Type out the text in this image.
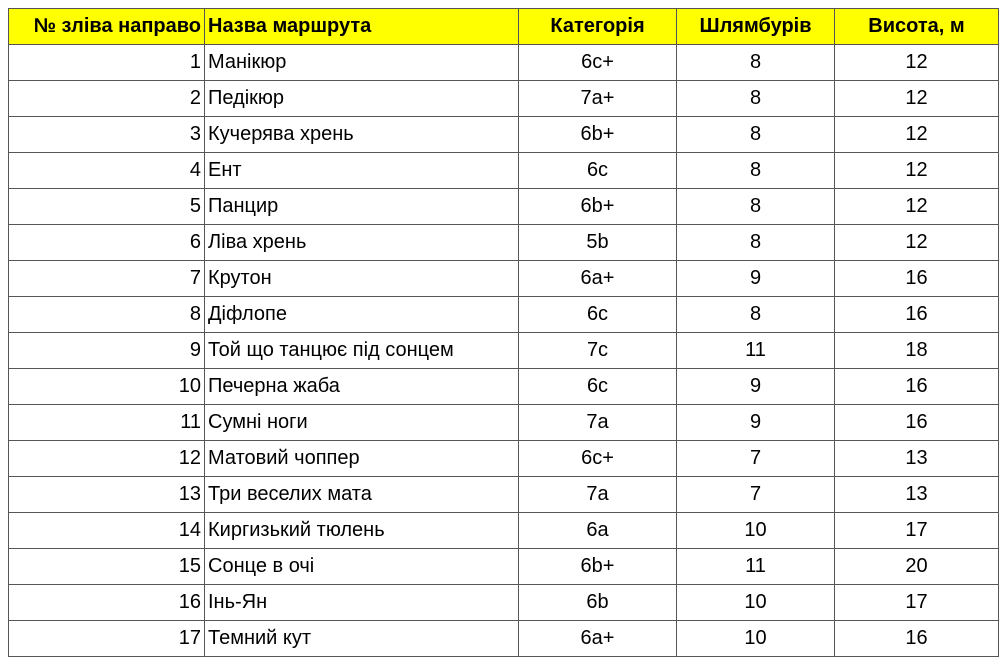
№ зліва направо	Назва маршрута	Категорія	Шлямбурів	Висота, м
1	Манікюр	6c+	8	12
2	Педікюр	7a+	8	12
3	Кучерява хрень	6b+	8	12
4	Ент	6c	8	12
5	Панцир	6b+	8	12
6	Ліва хрень	5b	8	12
7	Крутон	6a+	9	16
8	Діфлопе	6c	8	16
9	Той що танцює під сонцем	7c	11	18
10	Печерна жаба	6c	9	16
11	Сумні ноги	7a	9	16
12	Матовий чоппер	6c+	7	13
13	Три веселих мата	7a	7	13
14	Киргизький тюлень	6a	10	17
15	Сонце в очі	6b+	11	20
16	Інь-Ян	6b	10	17
17	Темний кут	6a+	10	16
